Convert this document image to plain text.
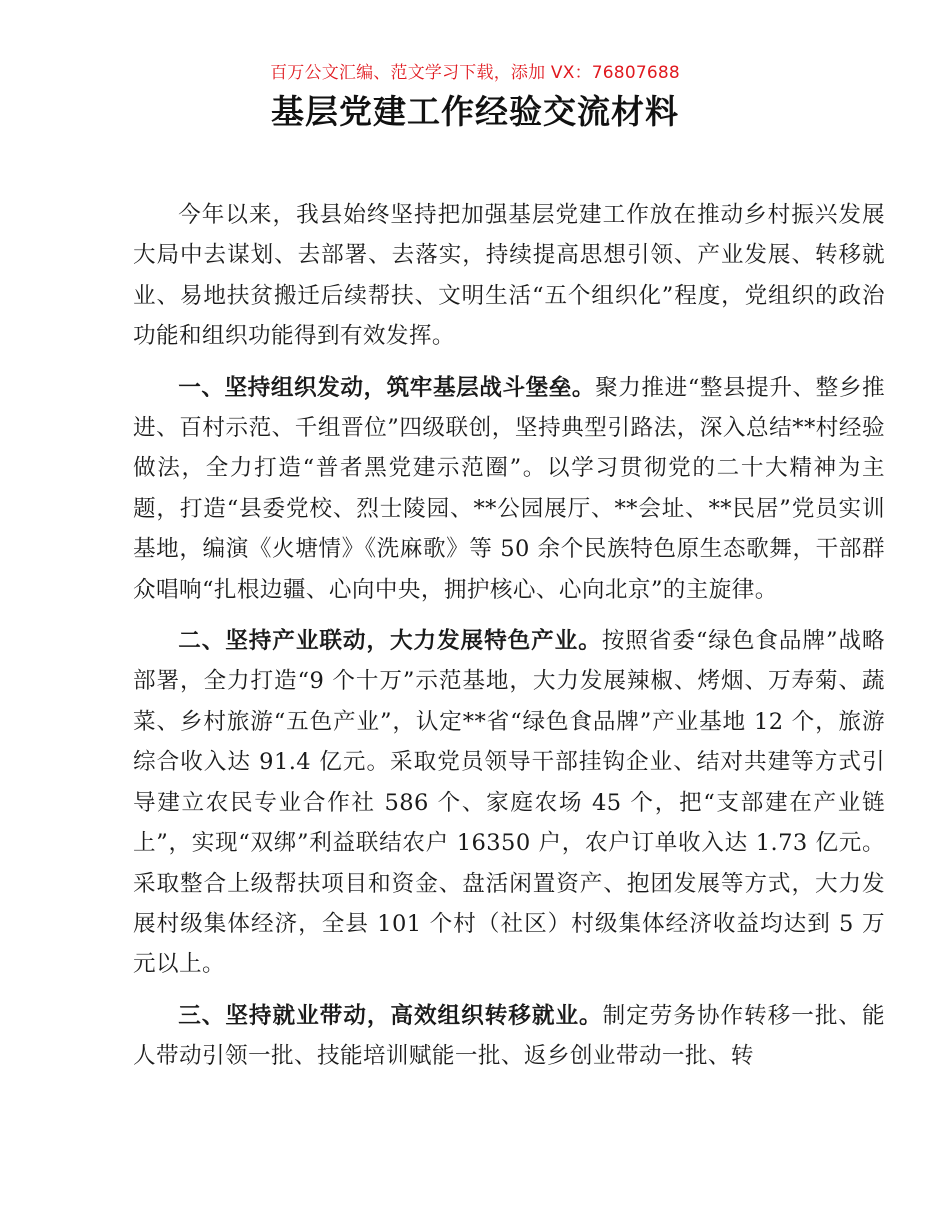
百万公文汇编、范文学习下载，添加 VX：76807688
基层党建工作经验交流材料

今年以来，我县始终坚持把加强基层党建工作放在推动乡村振兴发展大局中去谋划、去部署、去落实，持续提高思想引领、产业发展、转移就业、易地扶贫搬迁后续帮扶、文明生活“五个组织化”程度，党组织的政治功能和组织功能得到有效发挥。

一、坚持组织发动，筑牢基层战斗堡垒。聚力推进“整县提升、整乡推进、百村示范、千组晋位”四级联创，坚持典型引路法，深入总结**村经验做法，全力打造“普者黑党建示范圈”。以学习贯彻党的二十大精神为主题，打造“县委党校、烈士陵园、**公园展厅、**会址、**民居”党员实训基地，编演《火塘情》《洗麻歌》等 50 余个民族特色原生态歌舞，干部群众唱响“扎根边疆、心向中央，拥护核心、心向北京”的主旋律。

二、坚持产业联动，大力发展特色产业。按照省委“绿色食品牌”战略部署，全力打造“9 个十万”示范基地，大力发展辣椒、烤烟、万寿菊、蔬菜、乡村旅游“五色产业”，认定**省“绿色食品牌”产业基地 12 个，旅游综合收入达 91.4 亿元。采取党员领导干部挂钩企业、结对共建等方式引导建立农民专业合作社 586 个、家庭农场 45 个，把“支部建在产业链上”，实现“双绑”利益联结农户 16350 户，农户订单收入达 1.73 亿元。采取整合上级帮扶项目和资金、盘活闲置资产、抱团发展等方式，大力发展村级集体经济，全县 101 个村（社区）村级集体经济收益均达到 5 万元以上。

三、坚持就业带动，高效组织转移就业。制定劳务协作转移一批、能人带动引领一批、技能培训赋能一批、返乡创业带动一批、转
